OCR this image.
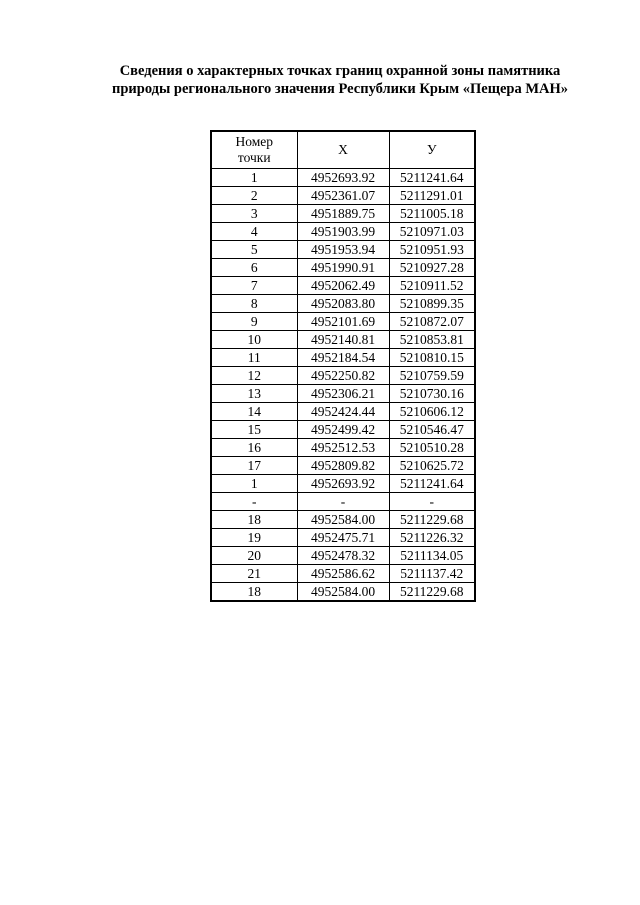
Сведения о характерных точках границ охранной зоны памятника
природы регионального значения Республики Крым «Пещера МАН»
Номер
точки	X	У
1	4952693.92	5211241.64
2	4952361.07	5211291.01
3	4951889.75	5211005.18
4	4951903.99	5210971.03
5	4951953.94	5210951.93
6	4951990.91	5210927.28
7	4952062.49	5210911.52
8	4952083.80	5210899.35
9	4952101.69	5210872.07
10	4952140.81	5210853.81
11	4952184.54	5210810.15
12	4952250.82	5210759.59
13	4952306.21	5210730.16
14	4952424.44	5210606.12
15	4952499.42	5210546.47
16	4952512.53	5210510.28
17	4952809.82	5210625.72
1	4952693.92	5211241.64
-	-	-
18	4952584.00	5211229.68
19	4952475.71	5211226.32
20	4952478.32	5211134.05
21	4952586.62	5211137.42
18	4952584.00	5211229.68
